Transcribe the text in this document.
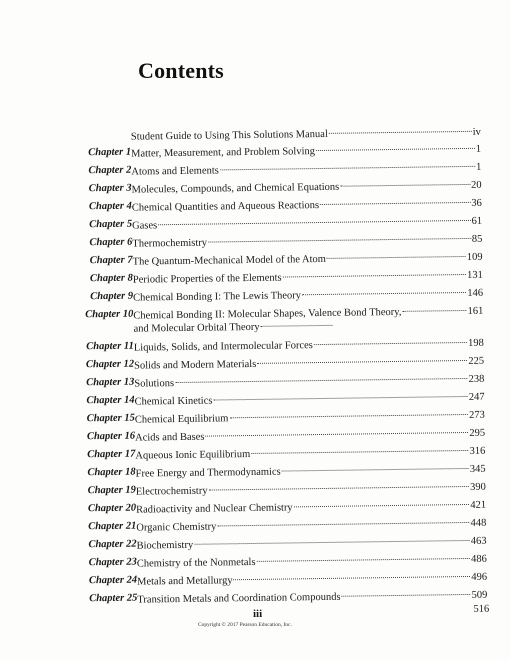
Contents
Student Guide to Using This Solutions Manual	iv
Chapter 1 Matter, Measurement, and Problem Solving	1
Chapter 2 Atoms and Elements	1
Chapter 3 Molecules, Compounds, and Chemical Equations	20
Chapter 4 Chemical Quantities and Aqueous Reactions	36
Chapter 5 Gases	61
Chapter 6 Thermochemistry	85
Chapter 7 The Quantum-Mechanical Model of the Atom	109
Chapter 8 Periodic Properties of the Elements	131
Chapter 9 Chemical Bonding I: The Lewis Theory	146
Chapter 10 Chemical Bonding II: Molecular Shapes, Valence Bond Theory,	161
and Molecular Orbital Theory
Chapter 11 Liquids, Solids, and Intermolecular Forces	198
Chapter 12 Solids and Modern Materials	225
Chapter 13 Solutions	238
Chapter 14 Chemical Kinetics	247
Chapter 15 Chemical Equilibrium	273
Chapter 16 Acids and Bases	295
Chapter 17 Aqueous Ionic Equilibrium	316
Chapter 18 Free Energy and Thermodynamics	345
Chapter 19 Electrochemistry	390
Chapter 20 Radioactivity and Nuclear Chemistry	421
Chapter 21 Organic Chemistry	448
Chapter 22 Biochemistry	463
Chapter 23 Chemistry of the Nonmetals	486
Chapter 24 Metals and Metallurgy	496
Chapter 25 Transition Metals and Coordination Compounds	509
516
iii
Copyright © 2017 Pearson Education, Inc.
